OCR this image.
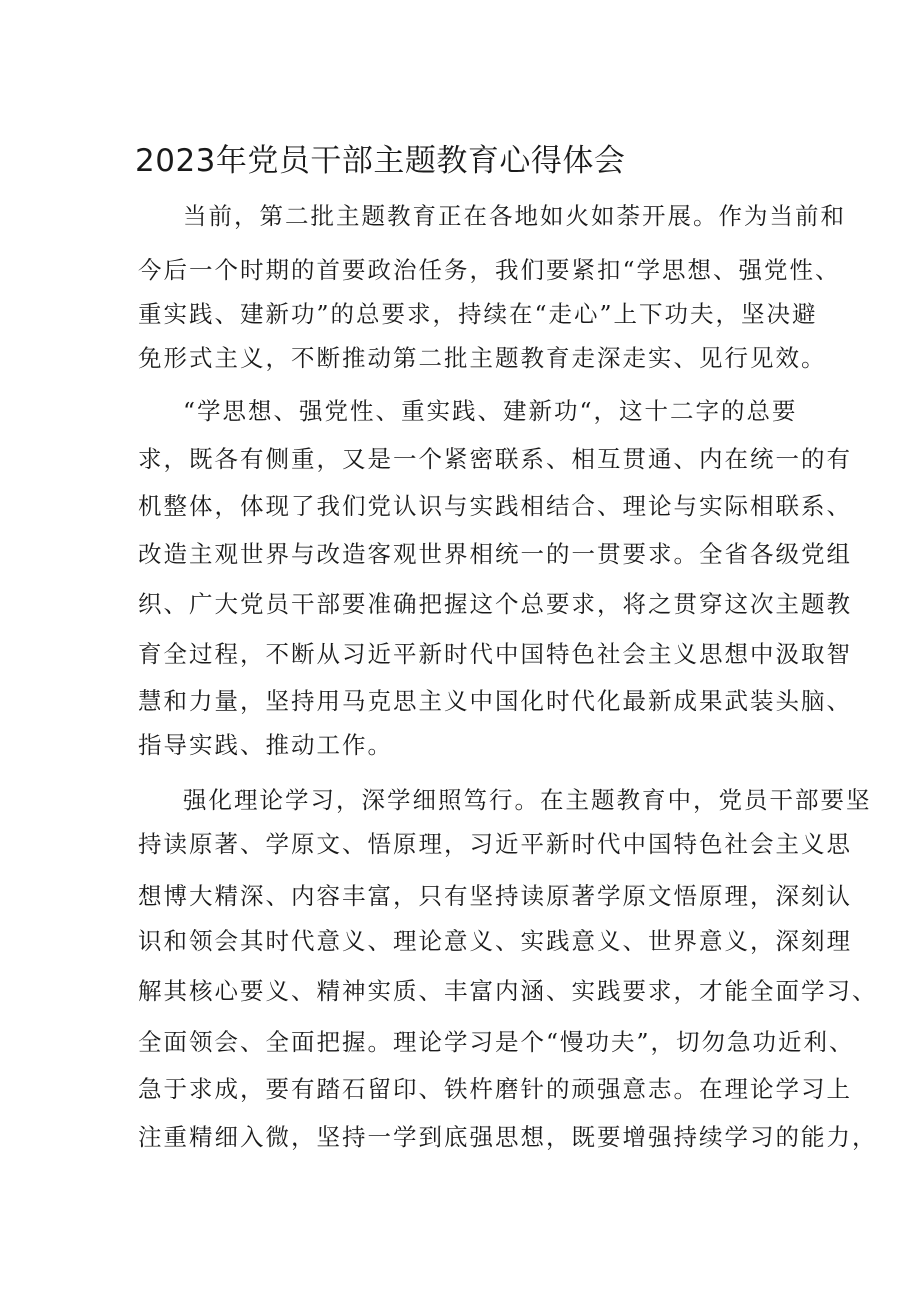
2023年党员干部主题教育心得体会

当前，第二批主题教育正在各地如火如荼开展。作为当前和

今后一个时期的首要政治任务，我们要紧扣“学思想、强党性、

重实践、建新功”的总要求，持续在“走心”上下功夫，坚决避

免形式主义，不断推动第二批主题教育走深走实、见行见效。

“学思想、强党性、重实践、建新功“，这十二字的总要

求，既各有侧重，又是一个紧密联系、相互贯通、内在统一的有

机整体，体现了我们党认识与实践相结合、理论与实际相联系、

改造主观世界与改造客观世界相统一的一贯要求。全省各级党组

织、广大党员干部要准确把握这个总要求，将之贯穿这次主题教

育全过程，不断从习近平新时代中国特色社会主义思想中汲取智

慧和力量，坚持用马克思主义中国化时代化最新成果武装头脑、

指导实践、推动工作。

强化理论学习，深学细照笃行。在主题教育中，党员干部要坚

持读原著、学原文、悟原理，习近平新时代中国特色社会主义思

想博大精深、内容丰富，只有坚持读原著学原文悟原理，深刻认

识和领会其时代意义、理论意义、实践意义、世界意义，深刻理

解其核心要义、精神实质、丰富内涵、实践要求，才能全面学习、

全面领会、全面把握。理论学习是个“慢功夫”，切勿急功近利、

急于求成，要有踏石留印、铁杵磨针的顽强意志。在理论学习上

注重精细入微，坚持一学到底强思想，既要增强持续学习的能力，
